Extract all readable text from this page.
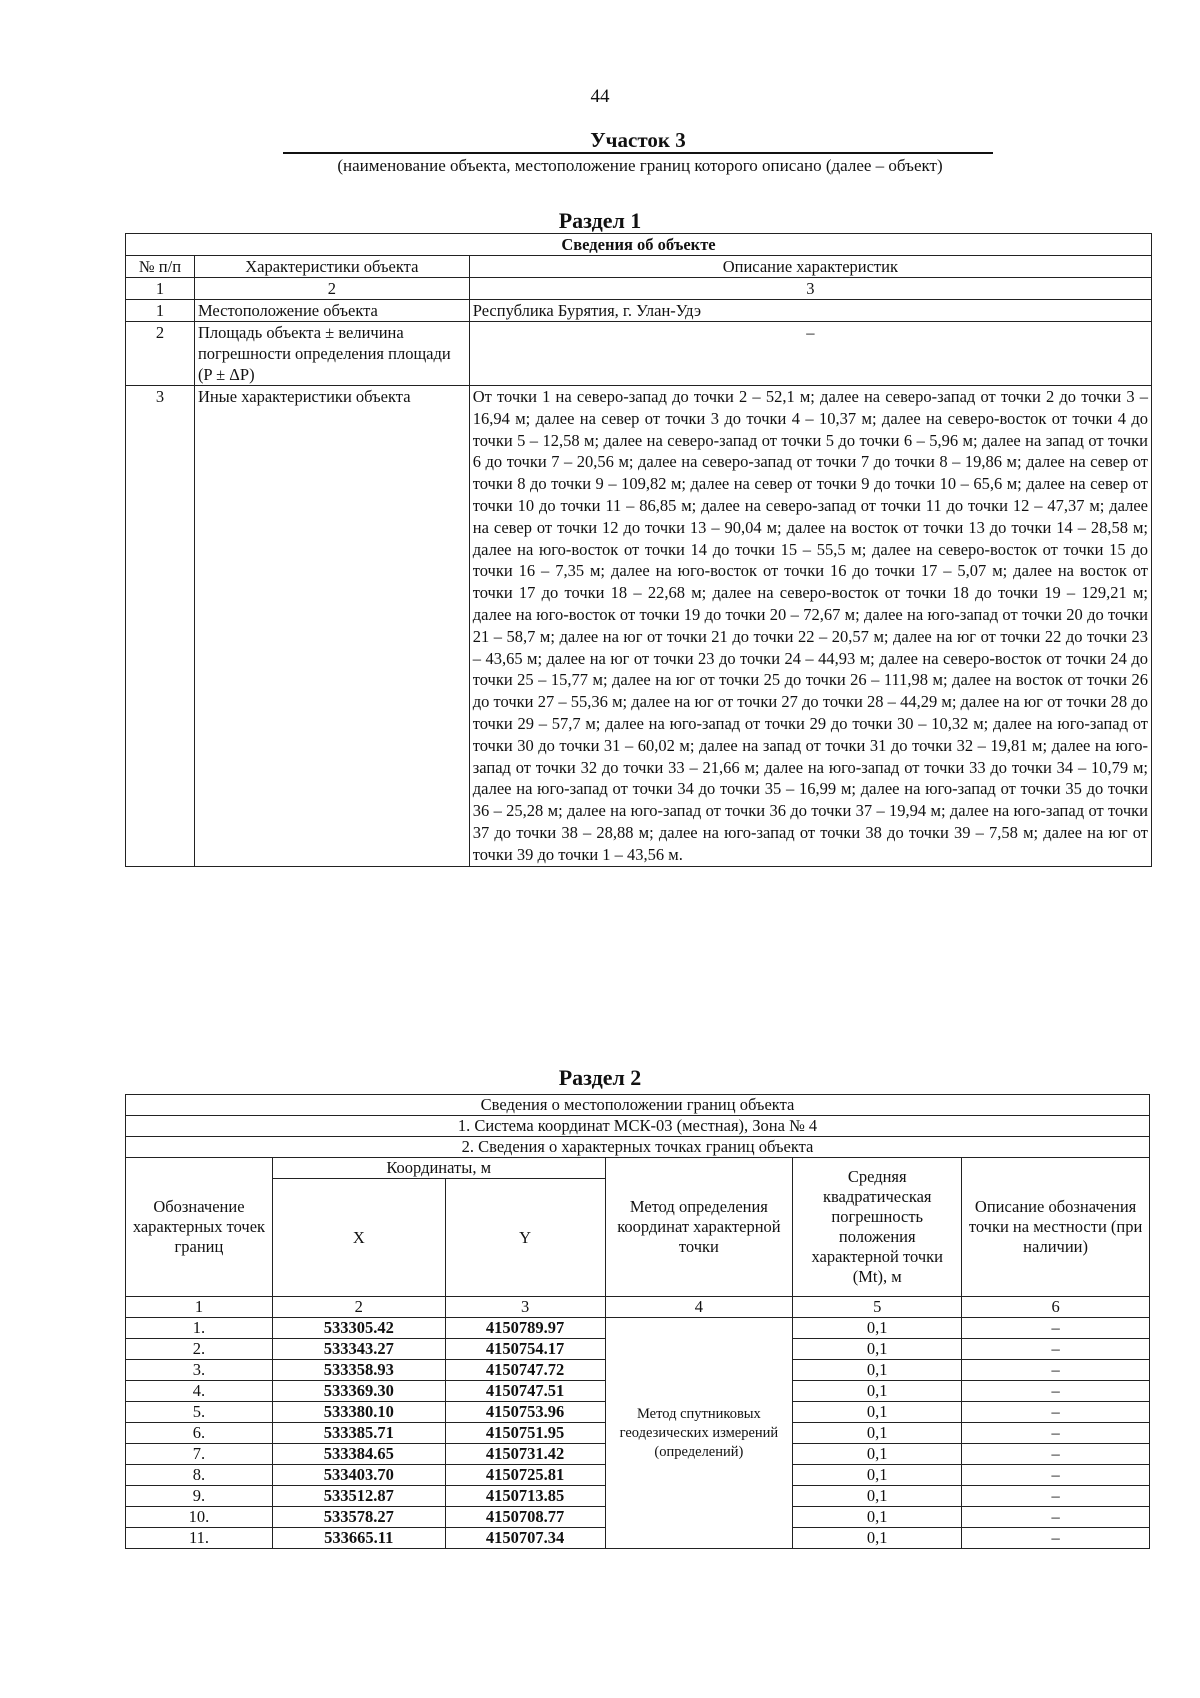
44
Участок 3
(наименование объекта, местоположение границ которого описано (далее – объект)
Раздел 1
Сведения об объекте		
№ п/п	Характеристики объекта	Описание характеристик
1	2	3
1	Местоположение объекта	Республика Бурятия, г. Улан-Удэ
2	Площадь объекта ± величина погрешности определения площади (P ± ΔP)	–
3	Иные характеристики объекта	От точки 1 на северо-запад до точки 2 – 52,1 м; далее на северо-запад от точки 2 до точки 3 – 16,94 м; далее на север от точки 3 до точки 4 – 10,37 м; далее на северо-восток от точки 4 до точки 5 – 12,58 м; далее на северо-запад от точки 5 до точки 6 – 5,96 м; далее на запад от точки 6 до точки 7 – 20,56 м; далее на северо-запад от точки 7 до точки 8 – 19,86 м; далее на север от точки 8 до точки 9 – 109,82 м; далее на север от точки 9 до точки 10 – 65,6 м; далее на север от точки 10 до точки 11 – 86,85 м; далее на северо-запад от точки 11 до точки 12 – 47,37 м; далее на север от точки 12 до точки 13 – 90,04 м; далее на восток от точки 13 до точки 14 – 28,58 м; далее на юго-восток от точки 14 до точки 15 – 55,5 м; далее на северо-восток от точки 15 до точки 16 – 7,35 м; далее на юго-восток от точки 16 до точки 17 – 5,07 м; далее на восток от точки 17 до точки 18 – 22,68 м; далее на северо-восток от точки 18 до точки 19 – 129,21 м; далее на юго-восток от точки 19 до точки 20 – 72,67 м; далее на юго-запад от точки 20 до точки 21 – 58,7 м; далее на юг от точки 21 до точки 22 – 20,57 м; далее на юг от точки 22 до точки 23 – 43,65 м; далее на юг от точки 23 до точки 24 – 44,93 м; далее на северо-восток от точки 24 до точки 25 – 15,77 м; далее на юг от точки 25 до точки 26 – 111,98 м; далее на восток от точки 26 до точки 27 – 55,36 м; далее на юг от точки 27 до точки 28 – 44,29 м; далее на юг от точки 28 до точки 29 – 57,7 м; далее на юго-запад от точки 29 до точки 30 – 10,32 м; далее на юго-запад от точки 30 до точки 31 – 60,02 м; далее на запад от точки 31 до точки 32 – 19,81 м; далее на юго-запад от точки 32 до точки 33 – 21,66 м; далее на юго-запад от точки 33 до точки 34 – 10,79 м; далее на юго-запад от точки 34 до точки 35 – 16,99 м; далее на юго-запад от точки 35 до точки 36 – 25,28 м; далее на юго-запад от точки 36 до точки 37 – 19,94 м; далее на юго-запад от точки 37 до точки 38 – 28,88 м; далее на юго-запад от точки 38 до точки 39 – 7,58 м; далее на юг от точки 39 до точки 1 – 43,56 м.
Раздел 2
Сведения о местоположении границ объекта					
1. Система координат МСК-03 (местная), Зона № 4					
2. Сведения о характерных точках границ объекта					
Обозначение характерных точек границ	Координаты, м		Метод определения координат характерной точки	Средняя квадратическая погрешность положения характерной точки (Mt), м	Описание обозначения точки на местности (при наличии)
	X	Y			
1	2	3	4	5	6
1.	533305.42	4150789.97	Метод спутниковых геодезических измерений (определений)	0,1	–
2.	533343.27	4150754.17		0,1	–
3.	533358.93	4150747.72		0,1	–
4.	533369.30	4150747.51		0,1	–
5.	533380.10	4150753.96		0,1	–
6.	533385.71	4150751.95		0,1	–
7.	533384.65	4150731.42		0,1	–
8.	533403.70	4150725.81		0,1	–
9.	533512.87	4150713.85		0,1	–
10.	533578.27	4150708.77		0,1	–
11.	533665.11	4150707.34		0,1	–
